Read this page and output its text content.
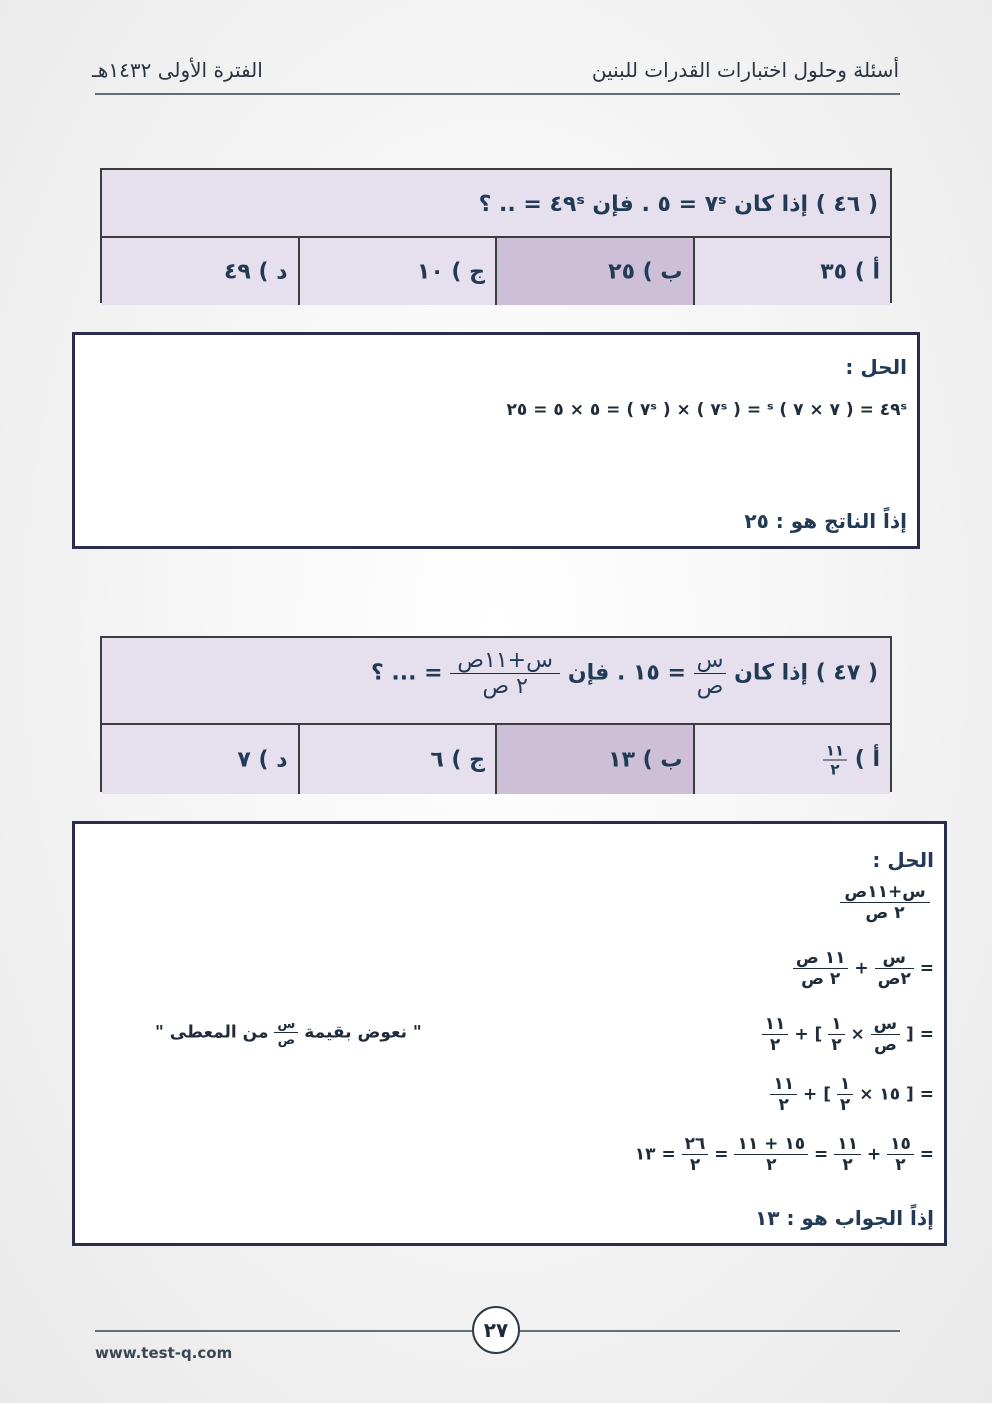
أسئلة وحلول اختبارات القدرات للبنين
الفترة الأولى ١٤٣٢هـ
( ٤٦ ) إذا كان ٧ˢ = ٥ . فإن ٤٩ˢ = .. ؟
أ ) ٣٥
ب ) ٢٥
ج ) ١٠
د ) ٤٩
الحل :
٤٩ˢ = ( ٧ × ٧ ) ˢ = ( ٧ˢ ) × ( ٧ˢ ) = ٥ × ٥ = ٢٥
إذاً الناتج هو : ٢٥
( ٤٧ ) إذا كان
$\frac{\text{س}}{\text{ص}}$
= ١٥ . فإن
$\frac{\text{س+١١ص}}{\text{٢ ص}}$
= ... ؟
أ )
$\frac{١١}{٢}$
ب ) ١٣
ج ) ٦
د ) ٧
الحل :
$\frac{\text{س+١١ص}}{\text{٢ ص}}$
=
$\frac{\text{س}}{\text{٢ص}}$
+
$\frac{\text{١١ ص}}{\text{٢ ص}}$
= [
$\frac{\text{س}}{\text{ص}}$
×
$\frac{١}{٢}$
] +
$\frac{١١}{٢}$
" نعوض بقيمة
$\frac{\text{س}}{\text{ص}}$
من المعطى "
= [ ١٥ ×
$\frac{١}{٢}$
] +
$\frac{١١}{٢}$
=
$\frac{١٥}{٢}$
+
$\frac{١١}{٢}$
=
$\frac{١٥ + ١١}{٢}$
=
$\frac{٢٦}{٢}$
= ١٣
إذاً الجواب هو : ١٣
٢٧
www.test-q.com
